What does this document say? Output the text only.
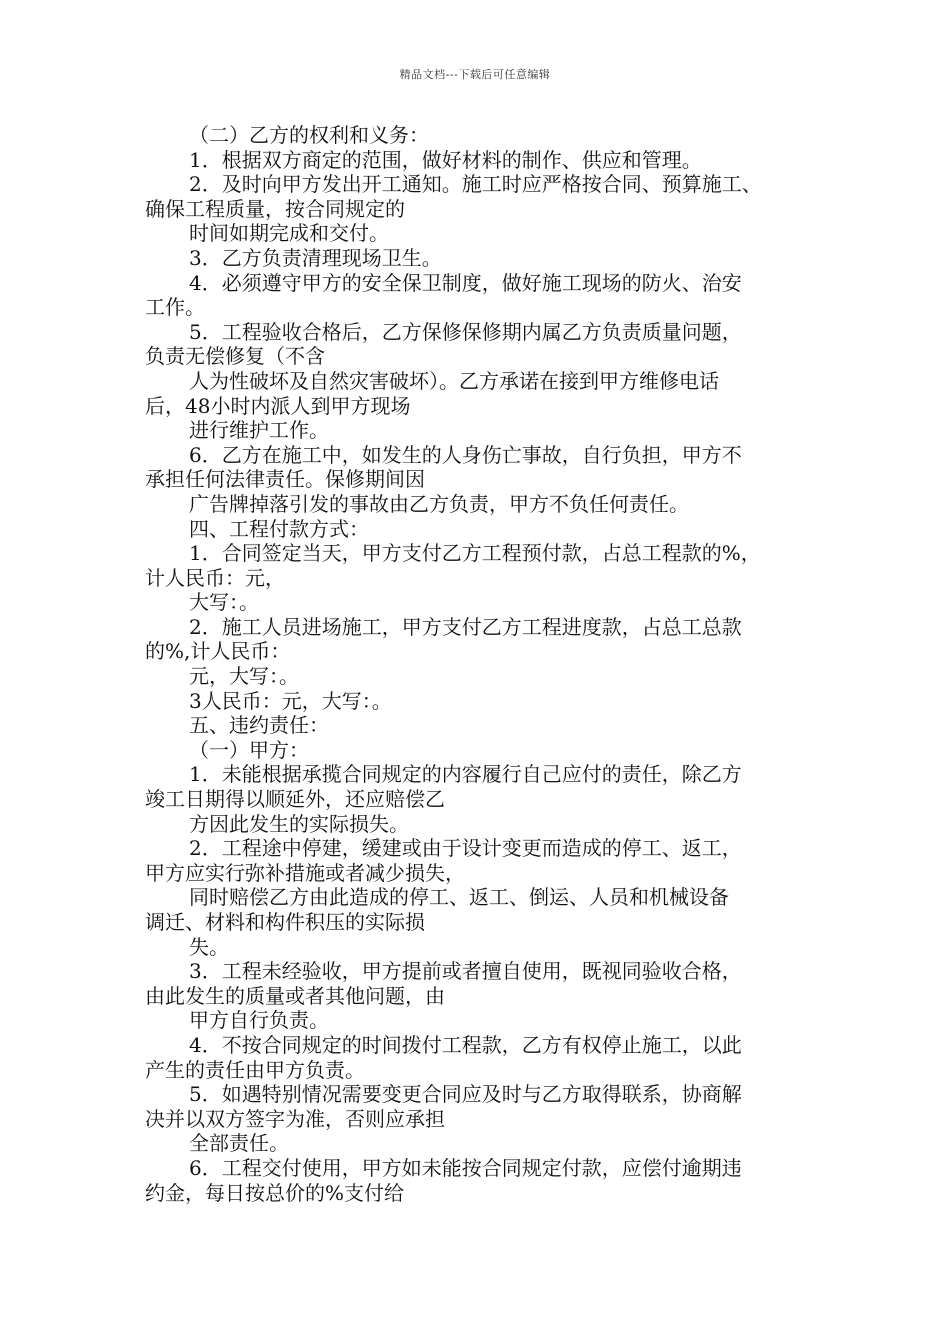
精品文档---下载后可任意编辑
（二）乙方的权利和义务：
1．根据双方商定的范围，做好材料的制作、供应和管理。
2．及时向甲方发出开工通知。施工时应严格按合同、预算施工、
确保工程质量，按合同规定的
时间如期完成和交付。
3．乙方负责清理现场卫生。
4．必须遵守甲方的安全保卫制度，做好施工现场的防火、治安
工作。
5．工程验收合格后，乙方保修保修期内属乙方负责质量问题，
负责无偿修复（不含
人为性破坏及自然灾害破坏）。乙方承诺在接到甲方维修电话
后，48小时内派人到甲方现场
进行维护工作。
6．乙方在施工中，如发生的人身伤亡事故，自行负担，甲方不
承担任何法律责任。保修期间因
广告牌掉落引发的事故由乙方负责，甲方不负任何责任。
四、工程付款方式：
1．合同签定当天，甲方支付乙方工程预付款，占总工程款的%，
计人民币：元，
大写：。
2．施工人员进场施工，甲方支付乙方工程进度款，占总工总款
的%,计人民币：
元，大写：。
3人民币：元，大写：。
五、违约责任：
（一）甲方：
1．未能根据承揽合同规定的内容履行自己应付的责任，除乙方
竣工日期得以顺延外，还应赔偿乙
方因此发生的实际损失。
2．工程途中停建，缓建或由于设计变更而造成的停工、返工，
甲方应实行弥补措施或者减少损失，
同时赔偿乙方由此造成的停工、返工、倒运、人员和机械设备
调迁、材料和构件积压的实际损
失。
3．工程未经验收，甲方提前或者擅自使用，既视同验收合格，
由此发生的质量或者其他问题，由
甲方自行负责。
4．不按合同规定的时间拨付工程款，乙方有权停止施工，以此
产生的责任由甲方负责。
5．如遇特别情况需要变更合同应及时与乙方取得联系，协商解
决并以双方签字为准，否则应承担
全部责任。
6．工程交付使用，甲方如未能按合同规定付款，应偿付逾期违
约金，每日按总价的%支付给
